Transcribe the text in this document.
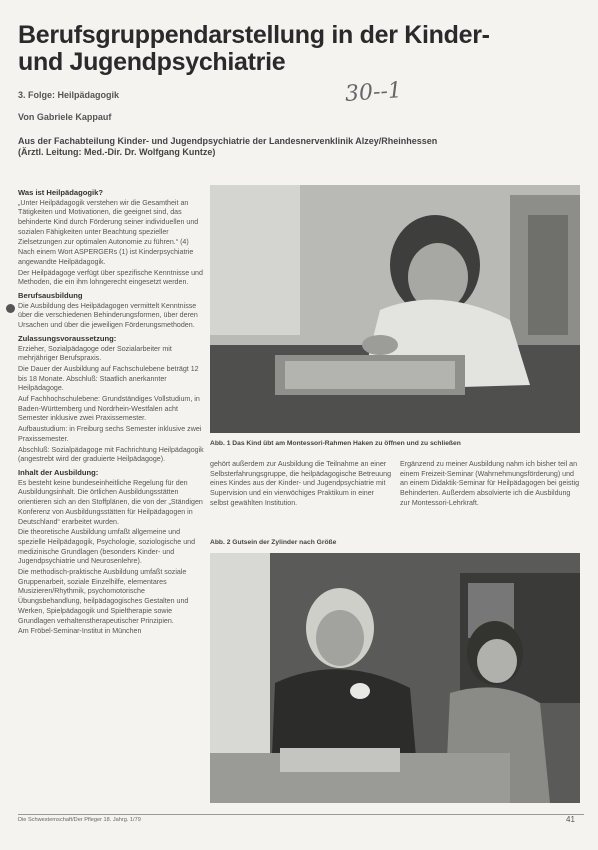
Berufsgruppendarstellung in der Kinder-
und Jugendpsychiatrie
30--1
3. Folge: Heilpädagogik
Von Gabriele Kappauf
Aus der Fachabteilung Kinder- und Jugendpsychiatrie der Landesnervenklinik Alzey/Rheinhessen
(Ärztl. Leitung: Med.-Dir. Dr. Wolfgang Kuntze)
Was ist Heilpädagogik?

„Unter Heilpädagogik verstehen wir die Gesamtheit an Tätigkeiten und Motivationen, die geeignet sind, das behinderte Kind durch Förderung seiner individuellen und sozialen Fähigkeiten unter Beachtung spezieller Zielsetzungen zur optimalen Autonomie zu führen.“ (4)

Nach einem Wort ASPERGERs (1) ist Kinderpsychiatrie angewandte Heilpädagogik.

Der Heilpädagoge verfügt über spezifische Kenntnisse und Methoden, die ein ihm lohngerecht eingesetzt werden.

Berufsausbildung

Die Ausbildung des Heilpädagogen vermittelt Kenntnisse über die verschiedenen Behinderungsformen, über deren Ursachen und über die jeweiligen Förderungsmethoden.

Zulassungsvoraussetzung:

Erzieher, Sozialpädagoge oder Sozialarbeiter mit mehrjähriger Berufspraxis.

Die Dauer der Ausbildung auf Fachschulebene beträgt 12 bis 18 Monate. Abschluß: Staatlich anerkannter Heilpädagoge.

Auf Fachhochschulebene: Grundständiges Vollstudium, in Baden-Württemberg und Nordrhein-Westfalen acht Semester inklusive zwei Praxissemester.

Aufbaustudium: in Freiburg sechs Semester inklusive zwei Praxissemester.

Abschluß: Sozialpädagoge mit Fachrichtung Heilpädagogik (angestrebt wird der graduierte Heilpädagoge).

Inhalt der Ausbildung:

Es besteht keine bundeseinheitliche Regelung für den Ausbildungsinhalt. Die örtlichen Ausbildungsstätten orientieren sich an den Stoffplänen, die von der „Ständigen Konferenz von Ausbildungsstätten für Heilpädagogen in Deutschland“ erarbeitet wurden.

Die theoretische Ausbildung umfaßt allgemeine und spezielle Heilpädagogik, Psychologie, soziologische und medizinische Grundlagen (besonders Kinder- und Jugendpsychiatrie und Neurosenlehre).

Die methodisch-praktische Ausbildung umfaßt soziale Gruppenarbeit, soziale Einzelhilfe, elementares Musizieren/Rhythmik, psychomotorische Übungsbehandlung, heilpädagogisches Gestalten und Werken, Spielpädagogik und Spieltherapie sowie Grundlagen verhaltenstherapeutischer Prinzipien.

Am Fröbel-Seminar-Institut in München

Abb. 1 Das Kind übt am Montessori-Rahmen Haken zu öffnen und zu schließen

gehört außerdem zur Ausbildung die Teilnahme an einer Selbsterfahrungsgruppe, die heilpädagogische Betreuung eines Kindes aus der Kinder- und Jugendpsychiatrie mit Supervision und ein vierwöchiges Praktikum in einer selbst gewählten Institution.

Ergänzend zu meiner Ausbildung nahm ich bisher teil an einem Freizeit-Seminar (Wahrnehmungsförderung) und an einem Didaktik-Seminar für Heilpädagogen bei geistig Behinderten. Außerdem absolvierte ich die Ausbildung zur Montessori-Lehrkraft.

Abb. 2 Gutsein der Zylinder nach Größe
Die Schwesternschaft/Der Pfleger 18. Jahrg. 1/79	41
